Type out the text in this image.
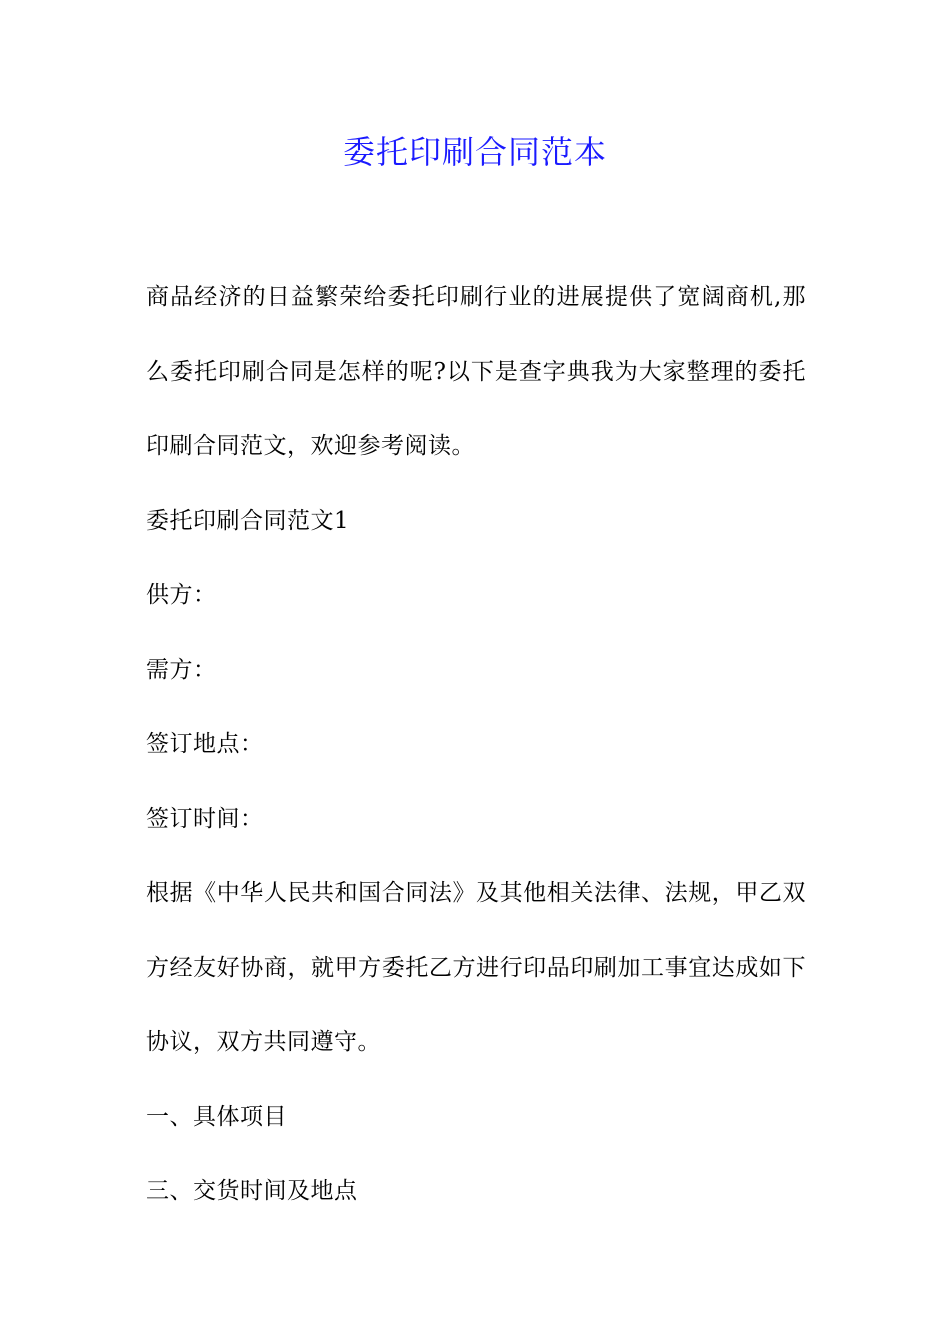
委托印刷合同范本

商品经济的日益繁荣给委托印刷行业的进展提供了宽阔商机,那么委托印刷合同是怎样的呢?以下是查字典我为大家整理的委托印刷合同范文，欢迎参考阅读。

委托印刷合同范文1

供方：

需方：

签订地点：

签订时间：

根据《中华人民共和国合同法》及其他相关法律、法规，甲乙双方经友好协商，就甲方委托乙方进行印品印刷加工事宜达成如下协议，双方共同遵守。

一、具体项目

三、交货时间及地点
